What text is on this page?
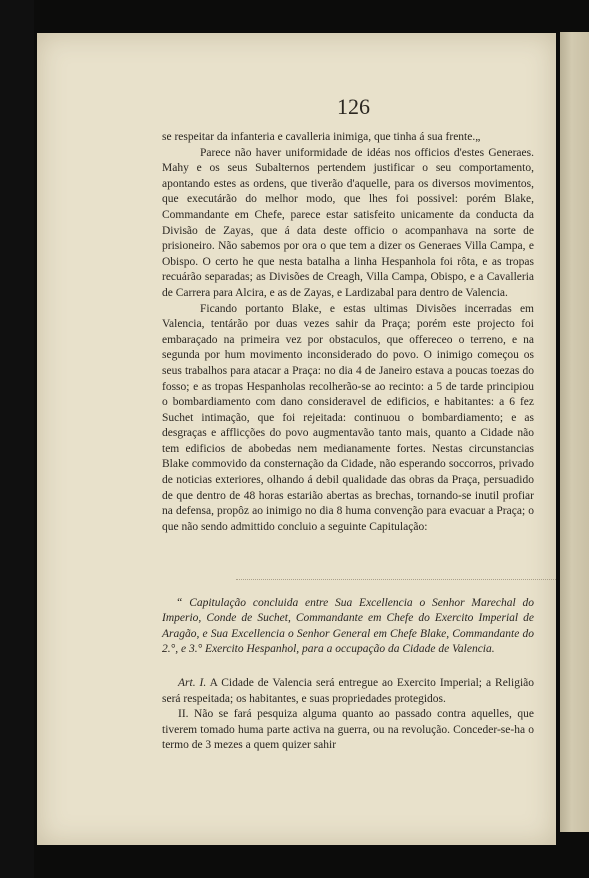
126

se respeitar da infanteria e cavalleria inimiga, que tinha á sua frente.„

Parece não haver uniformidade de idéas nos officios d'estes Generaes. Mahy e os seus Subalternos pertendem justificar o seu comportamento, apontando estes as ordens, que tiverão d'aquelle, para os diversos movimentos, que executárão do melhor modo, que lhes foi possivel: porém Blake, Commandante em Chefe, parece estar satisfeito unicamente da conducta da Divisão de Zayas, que á data deste officio o acompanhava na sorte de prisioneiro. Não sabemos por ora o que tem a dizer os Generaes Villa Campa, e Obispo. O certo he que nesta batalha a linha Hespanhola foi rôta, e as tropas recuárão separadas; as Divisões de Creagh, Villa Campa, Obispo, e a Cavalleria de Carrera para Alcira, e as de Zayas, e Lardizabal para dentro de Valencia.

Ficando portanto Blake, e estas ultimas Divisões incerradas em Valencia, tentárão por duas vezes sahir da Praça; porém este projecto foi embaraçado na primeira vez por obstaculos, que offereceo o terreno, e na segunda por hum movimento inconsiderado do povo. O inimigo começou os seus trabalhos para atacar a Praça: no dia 4 de Janeiro estava a poucas toezas do fosso; e as tropas Hespanholas recolherão-se ao recinto: a 5 de tarde principiou o bombardiamento com dano consideravel de edificios, e habitantes: a 6 fez Suchet intimação, que foi rejeitada: continuou o bombardiamento; e as desgraças e afflicções do povo augmentavão tanto mais, quanto a Cidade não tem edificios de abobedas nem medianamente fortes. Nestas circunstancias Blake commovido da consternação da Cidade, não esperando soccorros, privado de noticias exteriores, olhando á debil qualidade das obras da Praça, persuadido de que dentro de 48 horas estarião abertas as brechas, tornando-se inutil profiar na defensa, propôz ao inimigo no dia 8 huma convenção para evacuar a Praça; o que não sendo admittido concluio a seguinte Capitulação:

“ Capitulação concluida entre Sua Excellencia o Senhor Marechal do Imperio, Conde de Suchet, Commandante em Chefe do Exercito Imperial de Aragão, e Sua Excellencia o Senhor General em Chefe Blake, Commandante do 2.°, e 3.° Exercito Hespanhol, para a occupação da Cidade de Valencia.

Art. I. A Cidade de Valencia será entregue ao Exercito Imperial; a Religião será respeitada; os habitantes, e suas propriedades protegidos.

II. Não se fará pesquiza alguma quanto ao passado contra aquelles, que tiverem tomado huma parte activa na guerra, ou na revolução. Conceder-se-ha o termo de 3 mezes a quem quizer sahir
